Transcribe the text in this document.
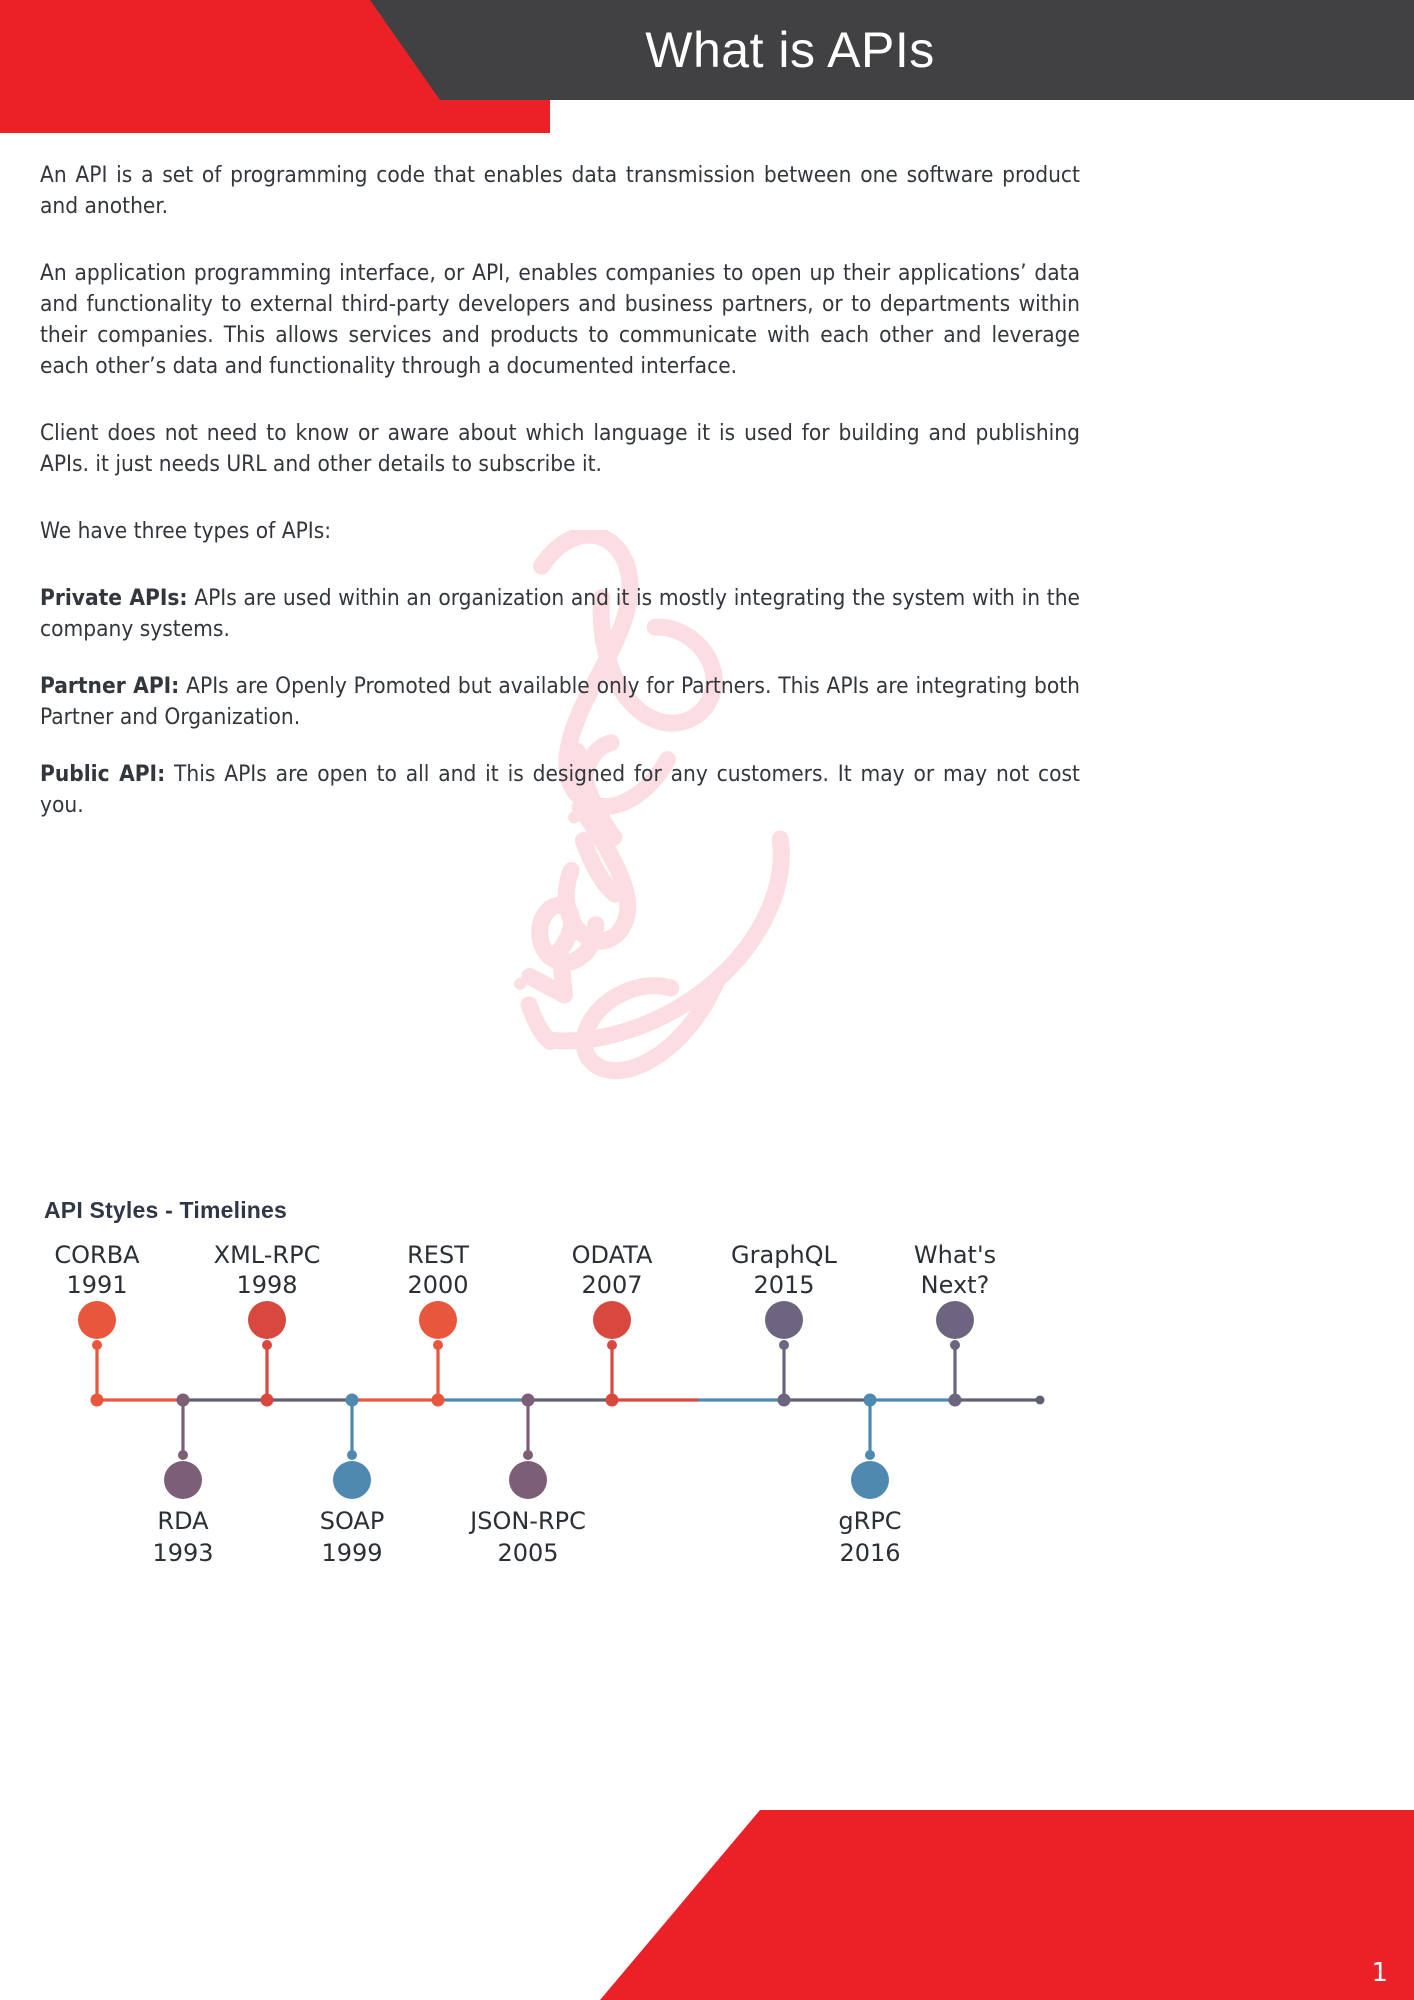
What is APIs

An API is a set of programming code that enables data transmission between one software product and another.

An application programming interface, or API, enables companies to open up their applications’ data and functionality to external third-party developers and business partners, or to departments within their companies. This allows services and products to communicate with each other and leverage each other’s data and functionality through a documented interface.

Client does not need to know or aware about which language it is used for building and publishing APIs. it just needs URL and other details to subscribe it.

We have three types of APIs:

Private APIs: APIs are used within an organization and it is mostly integrating the system with in the company systems.

Partner API: APIs are Openly Promoted but available only for Partners. This APIs are integrating both Partner and Organization.

Public API: This APIs are open to all and it is designed for any customers. It may or may not cost you.

API Styles - Timelines
CORBA
1991
RDA
1993
XML-RPC
1998
SOAP
1999
REST
2000
JSON-RPC
2005
ODATA
2007
GraphQL
2015
gRPC
2016
What's
Next?
1
